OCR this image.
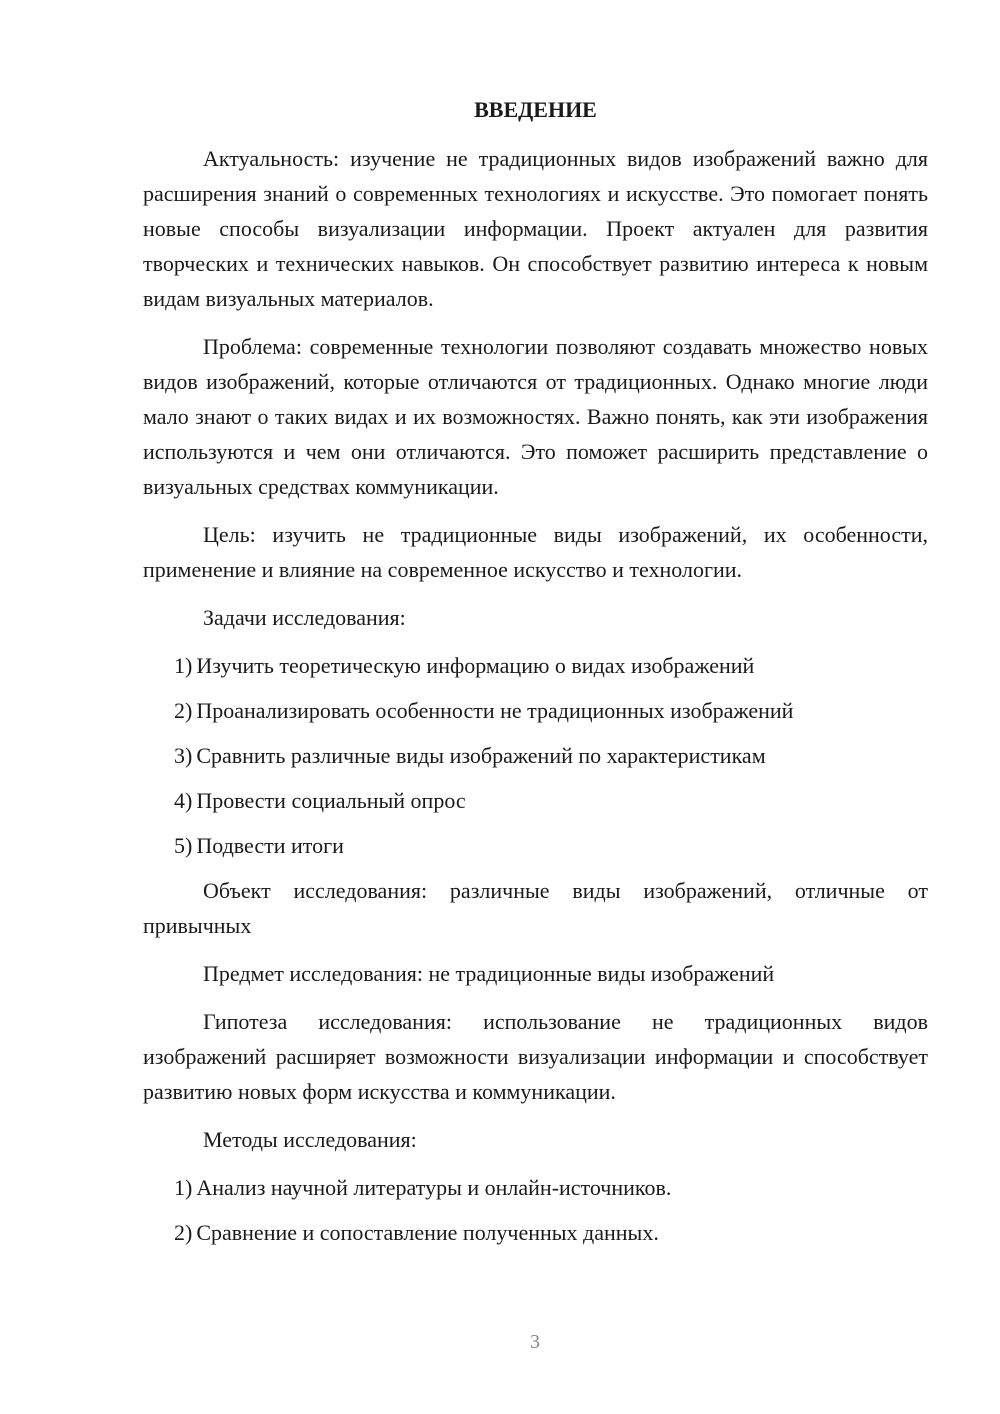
ВВЕДЕНИЕ

Актуальность: изучение не традиционных видов изображений важно для расширения знаний о современных технологиях и искусстве. Это помогает понять новые способы визуализации информации. Проект актуален для развития творческих и технических навыков. Он способствует развитию интереса к новым видам визуальных материалов.

Проблема: современные технологии позволяют создавать множество новых видов изображений, которые отличаются от традиционных. Однако многие люди мало знают о таких видах и их возможностях. Важно понять, как эти изображения используются и чем они отличаются. Это поможет расширить представление о визуальных средствах коммуникации.

Цель: изучить не традиционные виды изображений, их особенности, применение и влияние на современное искусство и технологии.

Задачи исследования:

1) Изучить теоретическую информацию о видах изображений
2) Проанализировать особенности не традиционных изображений
3) Сравнить различные виды изображений по характеристикам
4) Провести социальный опрос
5) Подвести итоги

Объект исследования: различные виды изображений, отличные от привычных

Предмет исследования: не традиционные виды изображений

Гипотеза исследования: использование не традиционных видов изображений расширяет возможности визуализации информации и способствует развитию новых форм искусства и коммуникации.

Методы исследования:

1) Анализ научной литературы и онлайн-источников.
2) Сравнение и сопоставление полученных данных.
3
